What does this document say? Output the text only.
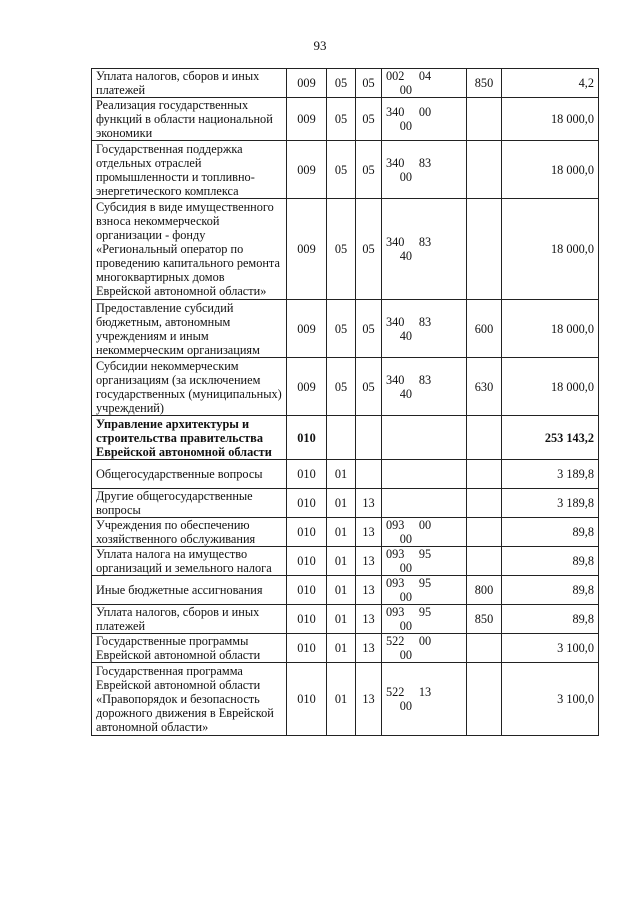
93
Уплата налогов, сборов и иных платежей	009	05	05	002 0400	850	4,2
Реализация государственных функций в области национальной экономики	009	05	05	340 0000		18 000,0
Государственная поддержка отдельных отраслей промышленности и топливно-энергетического комплекса	009	05	05	340 8300		18 000,0
Субсидия в виде имущественного взноса некоммерческой организации - фонду «Региональный оператор по проведению капитального ремонта многоквартирных домов Еврейской автономной области»	009	05	05	340 8340		18 000,0
Предоставление субсидий бюджетным, автономным учреждениям и иным некоммерческим организациям	009	05	05	340 8340	600	18 000,0
Субсидии некоммерческим организациям (за исключением государственных (муниципальных) учреждений)	009	05	05	340 8340	630	18 000,0
Управление архитектуры и строительства правительства Еврейской автономной области	010					253 143,2
Общегосударственные вопросы	010	01				3 189,8
Другие общегосударственные вопросы	010	01	13			3 189,8
Учреждения по обеспечению хозяйственного обслуживания	010	01	13	093 0000		89,8
Уплата налога на имущество организаций и земельного налога	010	01	13	093 9500		89,8
Иные бюджетные ассигнования	010	01	13	093 9500	800	89,8
Уплата налогов, сборов и иных платежей	010	01	13	093 9500	850	89,8
Государственные программы Еврейской автономной области	010	01	13	522 0000		3 100,0
Государственная программа Еврейской автономной области «Правопорядок и безопасность дорожного движения в Еврейской автономной области»	010	01	13	522 1300		3 100,0
